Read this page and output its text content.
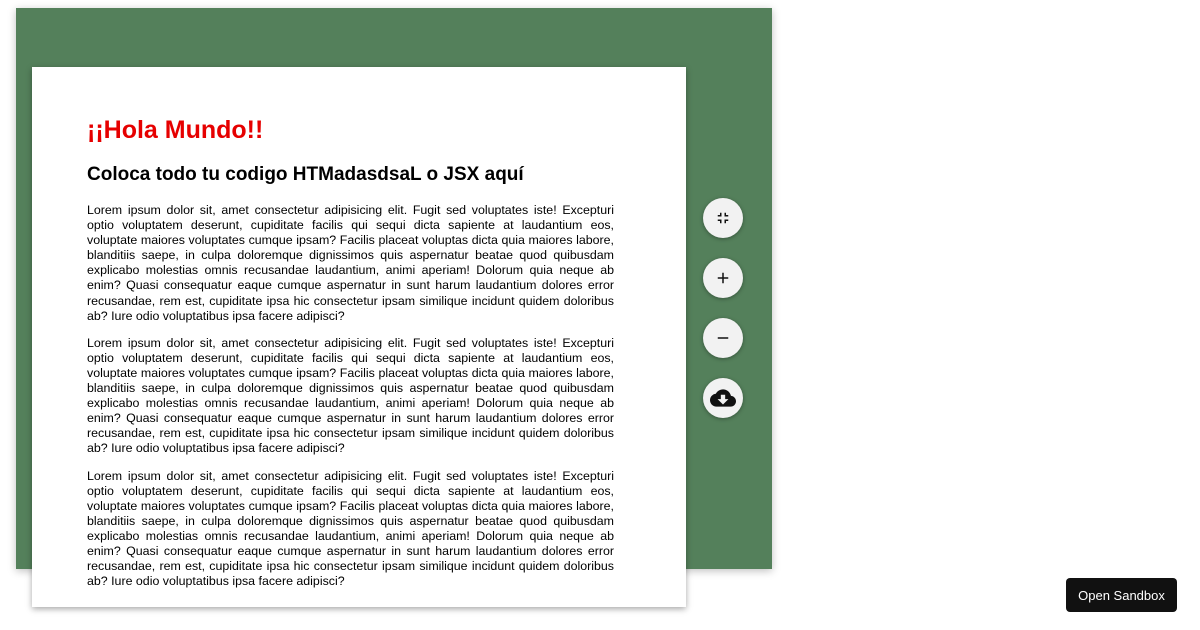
¡¡Hola Mundo!!
Coloca todo tu codigo HTMadasdsaL o JSX aquí

Lorem ipsum dolor sit, amet consectetur adipisicing elit. Fugit sed voluptates iste! Excepturi optio voluptatem deserunt, cupiditate facilis qui sequi dicta sapiente at laudantium eos, voluptate maiores voluptates cumque ipsam? Facilis placeat voluptas dicta quia maiores labore, blanditiis saepe, in culpa doloremque dignissimos quis aspernatur beatae quod quibusdam explicabo molestias omnis recusandae laudantium, animi aperiam! Dolorum quia neque ab enim? Quasi consequatur eaque cumque aspernatur in sunt harum laudantium dolores error recusandae, rem est, cupiditate ipsa hic consectetur ipsam similique incidunt quidem doloribus ab? Iure odio voluptatibus ipsa facere adipisci?

Lorem ipsum dolor sit, amet consectetur adipisicing elit. Fugit sed voluptates iste! Excepturi optio voluptatem deserunt, cupiditate facilis qui sequi dicta sapiente at laudantium eos, voluptate maiores voluptates cumque ipsam? Facilis placeat voluptas dicta quia maiores labore, blanditiis saepe, in culpa doloremque dignissimos quis aspernatur beatae quod quibusdam explicabo molestias omnis recusandae laudantium, animi aperiam! Dolorum quia neque ab enim? Quasi consequatur eaque cumque aspernatur in sunt harum laudantium dolores error recusandae, rem est, cupiditate ipsa hic consectetur ipsam similique incidunt quidem doloribus ab? Iure odio voluptatibus ipsa facere adipisci?

Lorem ipsum dolor sit, amet consectetur adipisicing elit. Fugit sed voluptates iste! Excepturi optio voluptatem deserunt, cupiditate facilis qui sequi dicta sapiente at laudantium eos, voluptate maiores voluptates cumque ipsam? Facilis placeat voluptas dicta quia maiores labore, blanditiis saepe, in culpa doloremque dignissimos quis aspernatur beatae quod quibusdam explicabo molestias omnis recusandae laudantium, animi aperiam! Dolorum quia neque ab enim? Quasi consequatur eaque cumque aspernatur in sunt harum laudantium dolores error recusandae, rem est, cupiditate ipsa hic consectetur ipsam similique incidunt quidem doloribus ab? Iure odio voluptatibus ipsa facere adipisci?

Open Sandbox
